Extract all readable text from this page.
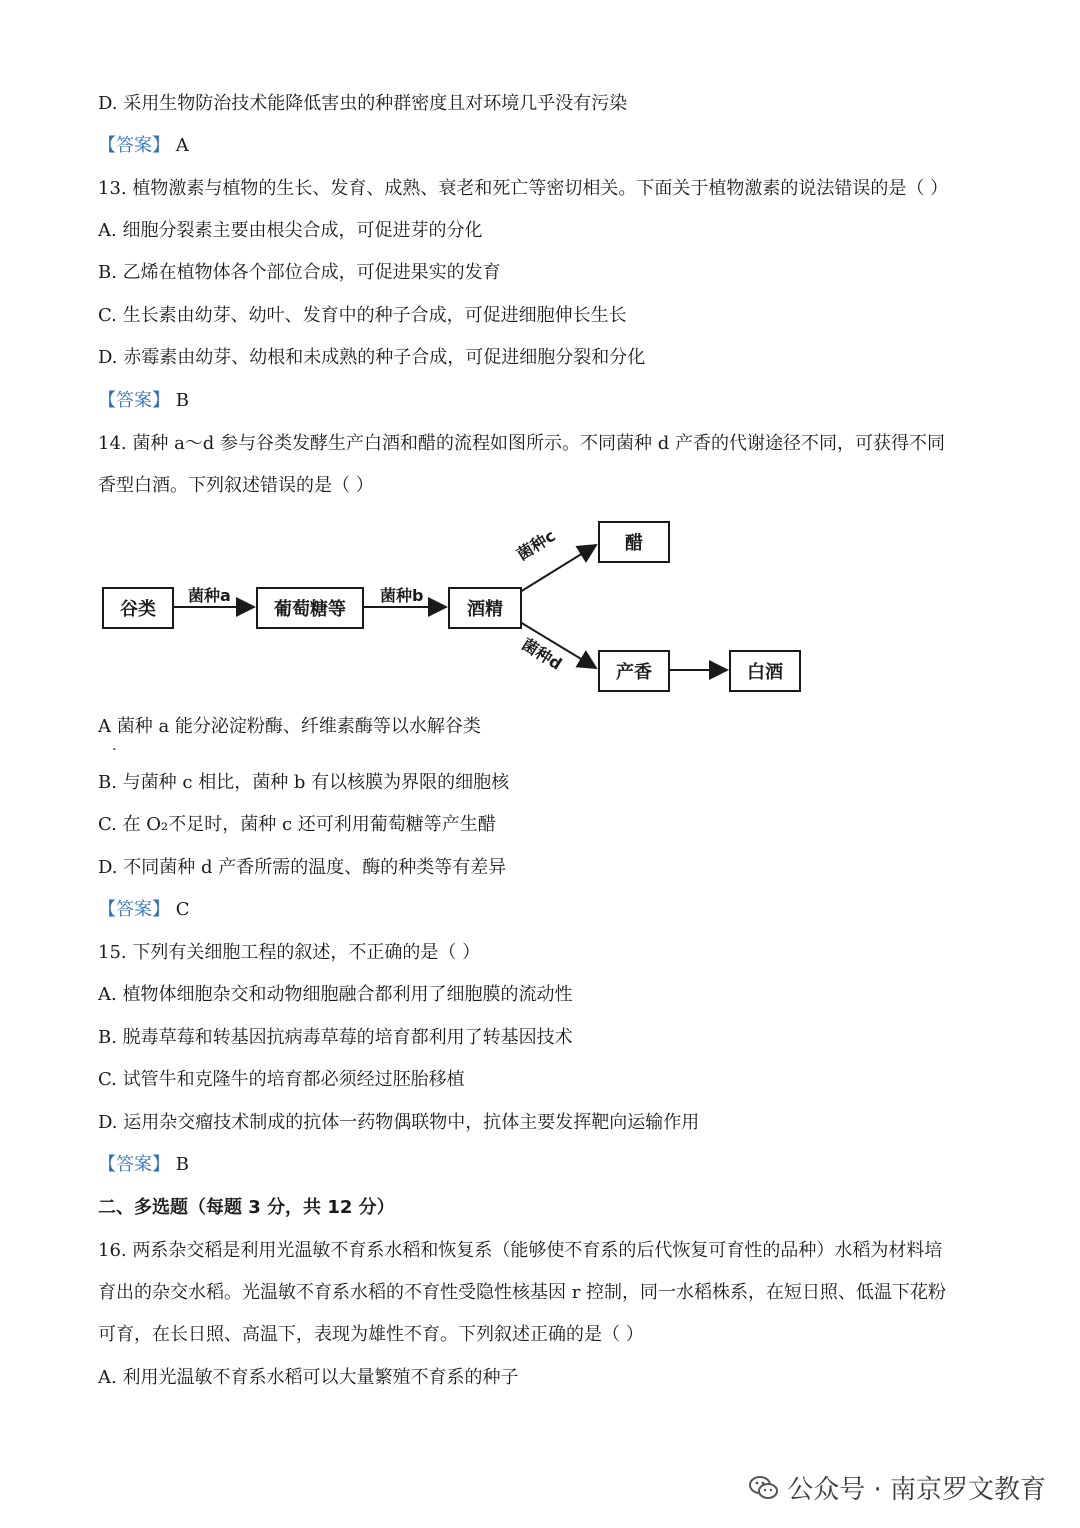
D. 采用生物防治技术能降低害虫的种群密度且对环境几乎没有污染
【答案】 A
13. 植物激素与植物的生长、发育、成熟、衰老和死亡等密切相关。下面关于植物激素的说法错误的是（ ）
A. 细胞分裂素主要由根尖合成，可促进芽的分化
B. 乙烯在植物体各个部位合成，可促进果实的发育
C. 生长素由幼芽、幼叶、发育中的种子合成，可促进细胞伸长生长
D. 赤霉素由幼芽、幼根和未成熟的种子合成，可促进细胞分裂和分化
【答案】 B
14. 菌种 a～d 参与谷类发酵生产白酒和醋的流程如图所示。不同菌种 d 产香的代谢途径不同，可获得不同
香型白酒。下列叙述错误的是（ ）
谷类	葡萄糖等	酒精
醋
产香	白酒
菌种a	菌种b
菌种c
菌种d
A 菌种 a 能分泌淀粉酶、纤维素酶等以水解谷类
.
B. 与菌种 c 相比，菌种 b 有以核膜为界限的细胞核
C. 在 O₂不足时，菌种 c 还可利用葡萄糖等产生醋
D. 不同菌种 d 产香所需的温度、酶的种类等有差异
【答案】 C
15. 下列有关细胞工程的叙述，不正确的是（ ）
A. 植物体细胞杂交和动物细胞融合都利用了细胞膜的流动性
B. 脱毒草莓和转基因抗病毒草莓的培育都利用了转基因技术
C. 试管牛和克隆牛的培育都必须经过胚胎移植
D. 运用杂交瘤技术制成的抗体一药物偶联物中，抗体主要发挥靶向运输作用
【答案】 B
二、多选题（每题 3 分，共 12 分）
16. 两系杂交稻是利用光温敏不育系水稻和恢复系（能够使不育系的后代恢复可育性的品种）水稻为材料培
育出的杂交水稻。光温敏不育系水稻的不育性受隐性核基因 r 控制，同一水稻株系，在短日照、低温下花粉
可育，在长日照、高温下，表现为雄性不育。下列叙述正确的是（ ）
A. 利用光温敏不育系水稻可以大量繁殖不育系的种子
公众号 · 南京罗文教育
